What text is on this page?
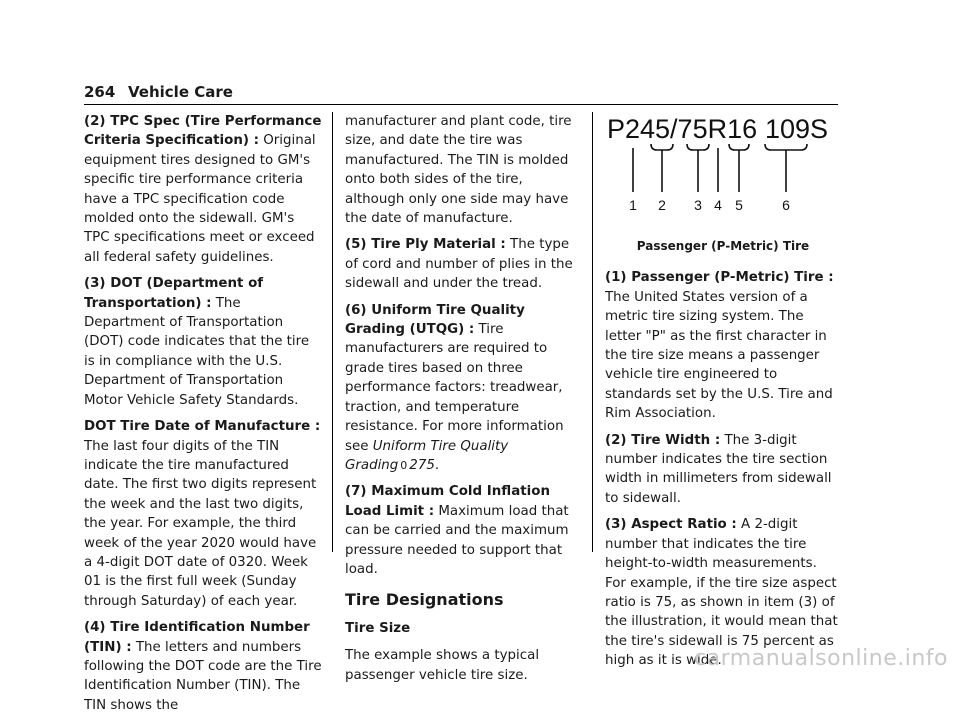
264 Vehicle Care

(2) TPC Spec (Tire Performance Criteria Specification) : Original equipment tires designed to GM's specific tire performance criteria have a TPC specification code molded onto the sidewall. GM's TPC specifications meet or exceed all federal safety guidelines.

(3) DOT (Department of Transportation) : The Department of Transportation (DOT) code indicates that the tire is in compliance with the U.S. Department of Transportation Motor Vehicle Safety Standards.

DOT Tire Date of Manufacture : The last four digits of the TIN indicate the tire manufactured date. The first two digits represent the week and the last two digits, the year. For example, the third week of the year 2020 would have a 4-digit DOT date of 0320. Week 01 is the first full week (Sunday through Saturday) of each year.

(4) Tire Identification Number (TIN) : The letters and numbers following the DOT code are the Tire Identification Number (TIN). The TIN shows the

manufacturer and plant code, tire size, and date the tire was manufactured. The TIN is molded onto both sides of the tire, although only one side may have the date of manufacture.

(5) Tire Ply Material : The type of cord and number of plies in the sidewall and under the tread.

(6) Uniform Tire Quality Grading (UTQG) : Tire manufacturers are required to grade tires based on three performance factors: treadwear, traction, and temperature resistance. For more information see Uniform Tire Quality Grading 0 275.

(7) Maximum Cold Inflation Load Limit : Maximum load that can be carried and the maximum pressure needed to support that load.

Tire Designations
Tire Size

The example shows a typical passenger vehicle tire size.

P245/75R16 109S
1 2 3 4 5	6
Passenger (P-Metric) Tire

(1) Passenger (P-Metric) Tire : The United States version of a metric tire sizing system. The letter "P" as the first character in the tire size means a passenger vehicle tire engineered to standards set by the U.S. Tire and Rim Association.

(2) Tire Width : The 3-digit number indicates the tire section width in millimeters from sidewall to sidewall.

(3) Aspect Ratio : A 2-digit number that indicates the tire height-to-width measurements. For example, if the tire size aspect ratio is 75, as shown in item (3) of the illustration, it would mean that the tire's sidewall is 75 percent as high as it is wide.

carmanualsonline.info
